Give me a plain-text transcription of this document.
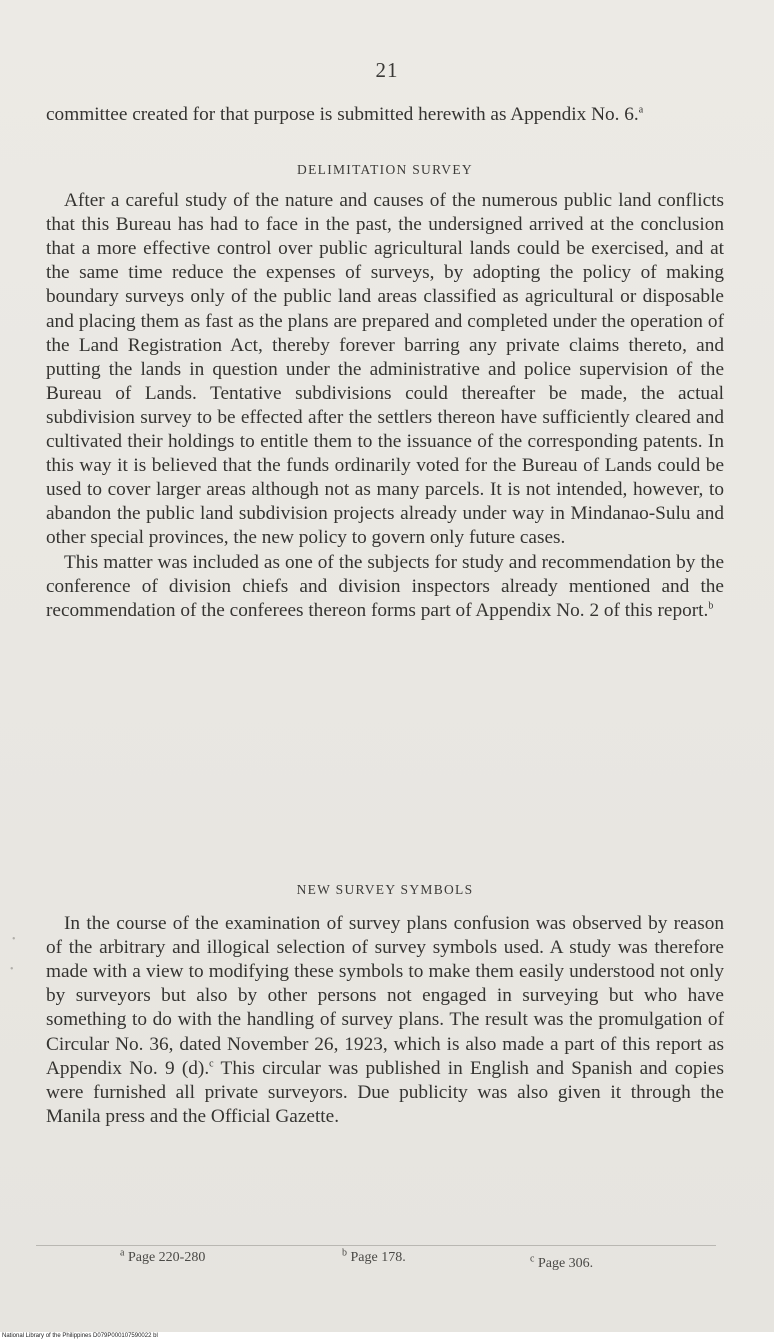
21

committee created for that purpose is submitted herewith as Appendix No. 6.$^a$

DELIMITATION SURVEY

After a careful study of the nature and causes of the numerous public land conflicts that this Bureau has had to face in the past, the undersigned arrived at the conclusion that a more effective control over public agricultural lands could be exercised, and at the same time reduce the expenses of surveys, by adopting the policy of making boundary surveys only of the public land areas classified as agricultural or disposable and placing them as fast as the plans are prepared and completed under the operation of the Land Registration Act, thereby forever barring any private claims thereto, and putting the lands in question under the administrative and police supervision of the Bureau of Lands. Tentative subdivisions could thereafter be made, the actual subdivision survey to be effected after the settlers thereon have sufficiently cleared and cultivated their holdings to entitle them to the issuance of the corresponding patents. In this way it is believed that the funds ordinarily voted for the Bureau of Lands could be used to cover larger areas although not as many parcels. It is not intended, however, to abandon the public land subdivision projects already under way in Mindanao-Sulu and other special provinces, the new policy to govern only future cases.

This matter was included as one of the subjects for study and recommendation by the conference of division chiefs and division inspectors already mentioned and the recommendation of the conferees thereon forms part of Appendix No. 2 of this report.$^b$

NEW SURVEY SYMBOLS

In the course of the examination of survey plans confusion was observed by reason of the arbitrary and illogical selection of survey symbols used. A study was therefore made with a view to modifying these symbols to make them easily understood not only by surveyors but also by other persons not engaged in surveying but who have something to do with the handling of survey plans. The result was the promulgation of Circular No. 36, dated November 26, 1923, which is also made a part of this report as Appendix No. 9 (d).$^c$ This circular was published in English and Spanish and copies were furnished all private surveyors. Due publicity was also given it through the Manila press and the Official Gazette.

•
•
$^a$ Page 220-280	$^b$ Page 178.	$^c$ Page 306.
National Library of the Philippines D079P000107590022 bl
